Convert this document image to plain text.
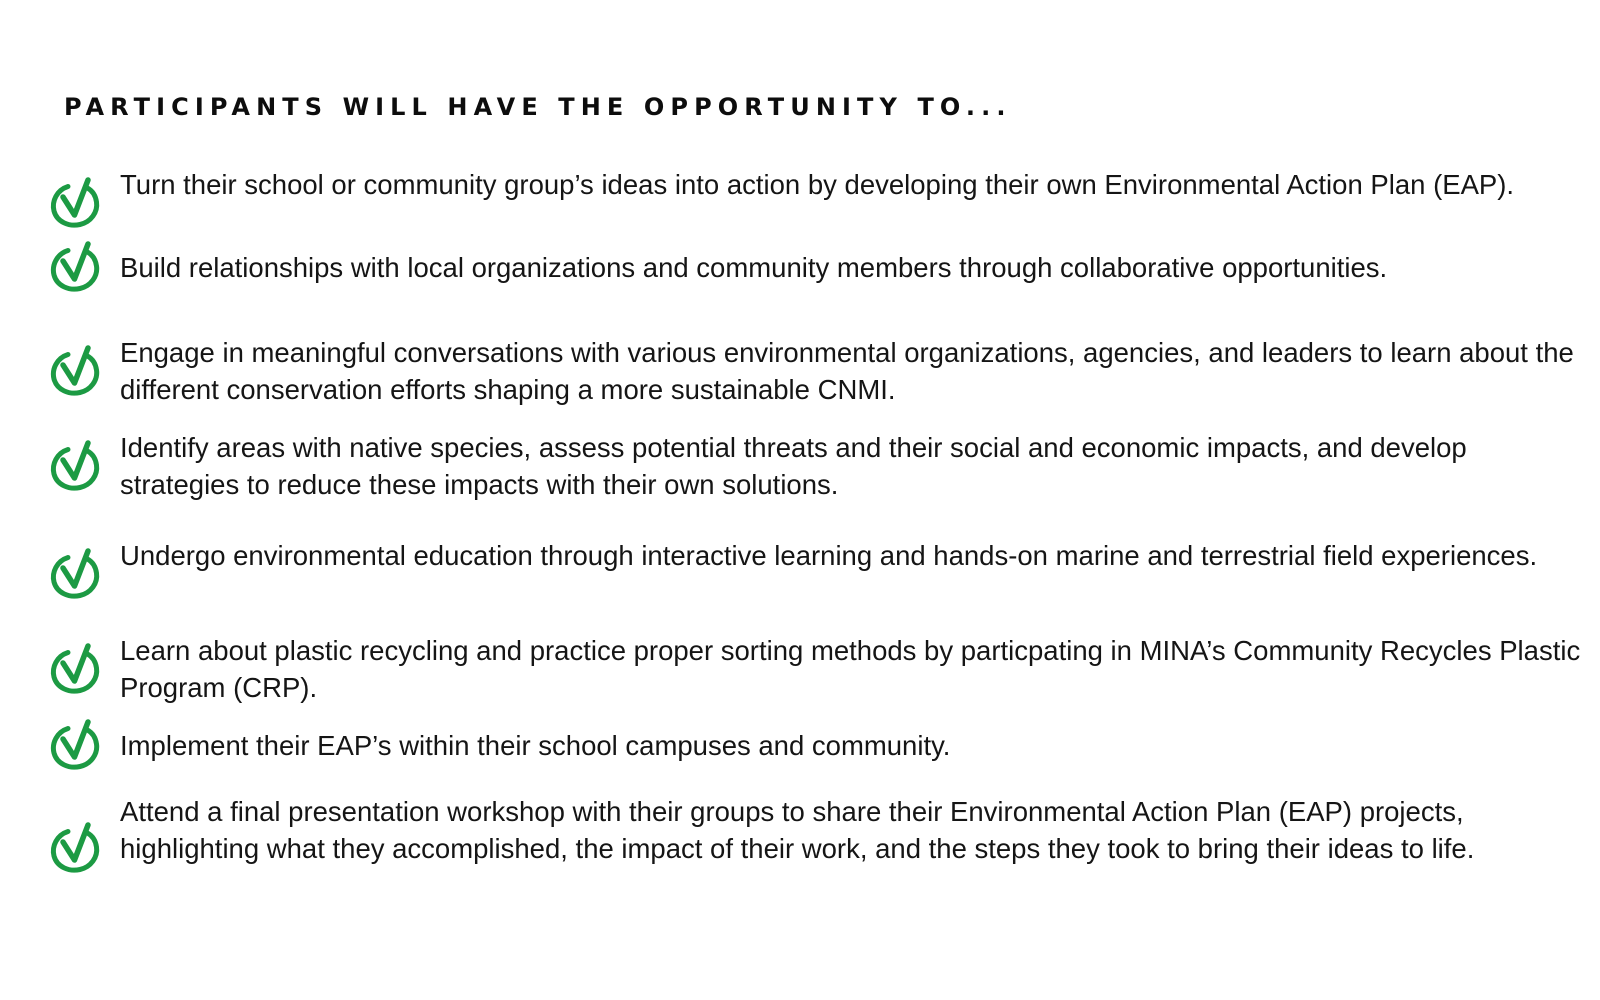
PARTICIPANTS WILL HAVE THE OPPORTUNITY TO...
Turn their school or community group’s ideas into action by developing their own Environmental Action Plan (EAP).
Build relationships with local organizations and community members through collaborative opportunities.
Engage in meaningful conversations with various environmental organizations, agencies, and leaders to learn about the different conservation efforts shaping a more sustainable CNMI.
Identify areas with native species, assess potential threats and their social and economic impacts, and develop strategies to reduce these impacts with their own solutions.
Undergo environmental education through interactive learning and hands-on marine and terrestrial field experiences.
Learn about plastic recycling and practice proper sorting methods by particpating in MINA’s Community Recycles Plastic Program (CRP).
Implement their EAP’s within their school campuses and community.
Attend a final presentation workshop with their groups to share their Environmental Action Plan (EAP) projects, highlighting what they accomplished, the impact of their work, and the steps they took to bring their ideas to life.
